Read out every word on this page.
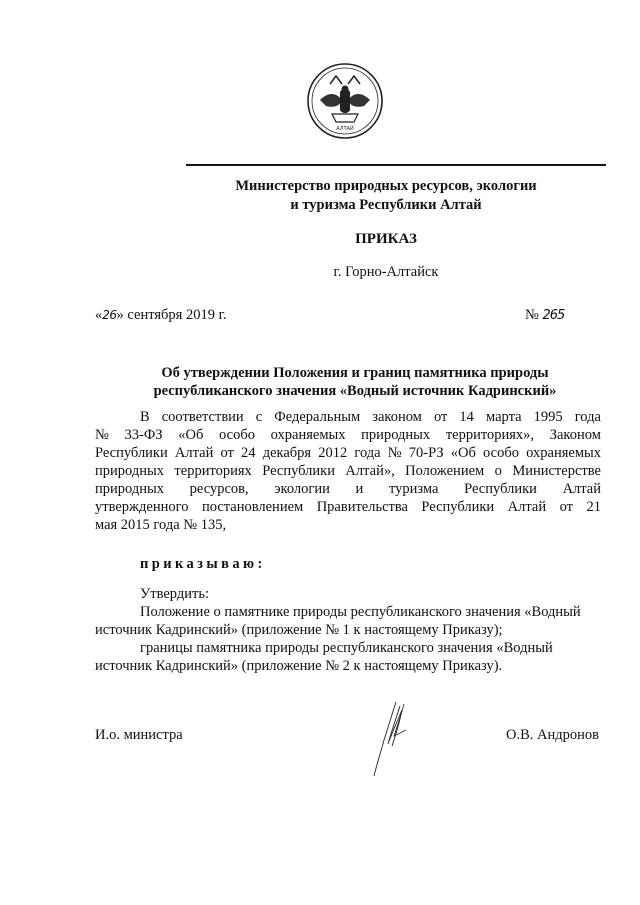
АЛТАЙ
Министерство природных ресурсов, экологии
и туризма Республики Алтай
ПРИКАЗ
г. Горно-Алтайск
«26» сентября 2019 г.	№ 265
Об утверждении Положения и границ памятника природы
республиканского значения «Водный источник Кадринский»
В соответствии с Федеральным законом от 14 марта 1995 года
№ 33-ФЗ «Об особо охраняемых природных территориях», Законом
Республики Алтай от 24 декабря 2012 года № 70-РЗ «Об особо охраняемых
природных территориях Республики Алтай», Положением о Министерстве
природных ресурсов, экологии и туризма Республики Алтай
утвержденного постановлением Правительства Республики Алтай от 21
мая 2015 года № 135,
приказываю:
Утвердить:
Положение о памятнике природы республиканского значения «Водный
источник Кадринский» (приложение № 1 к настоящему Приказу);
границы памятника природы республиканского значения «Водный
источник Кадринский» (приложение № 2 к настоящему Приказу).
И.о. министра	О.В. Андронов
